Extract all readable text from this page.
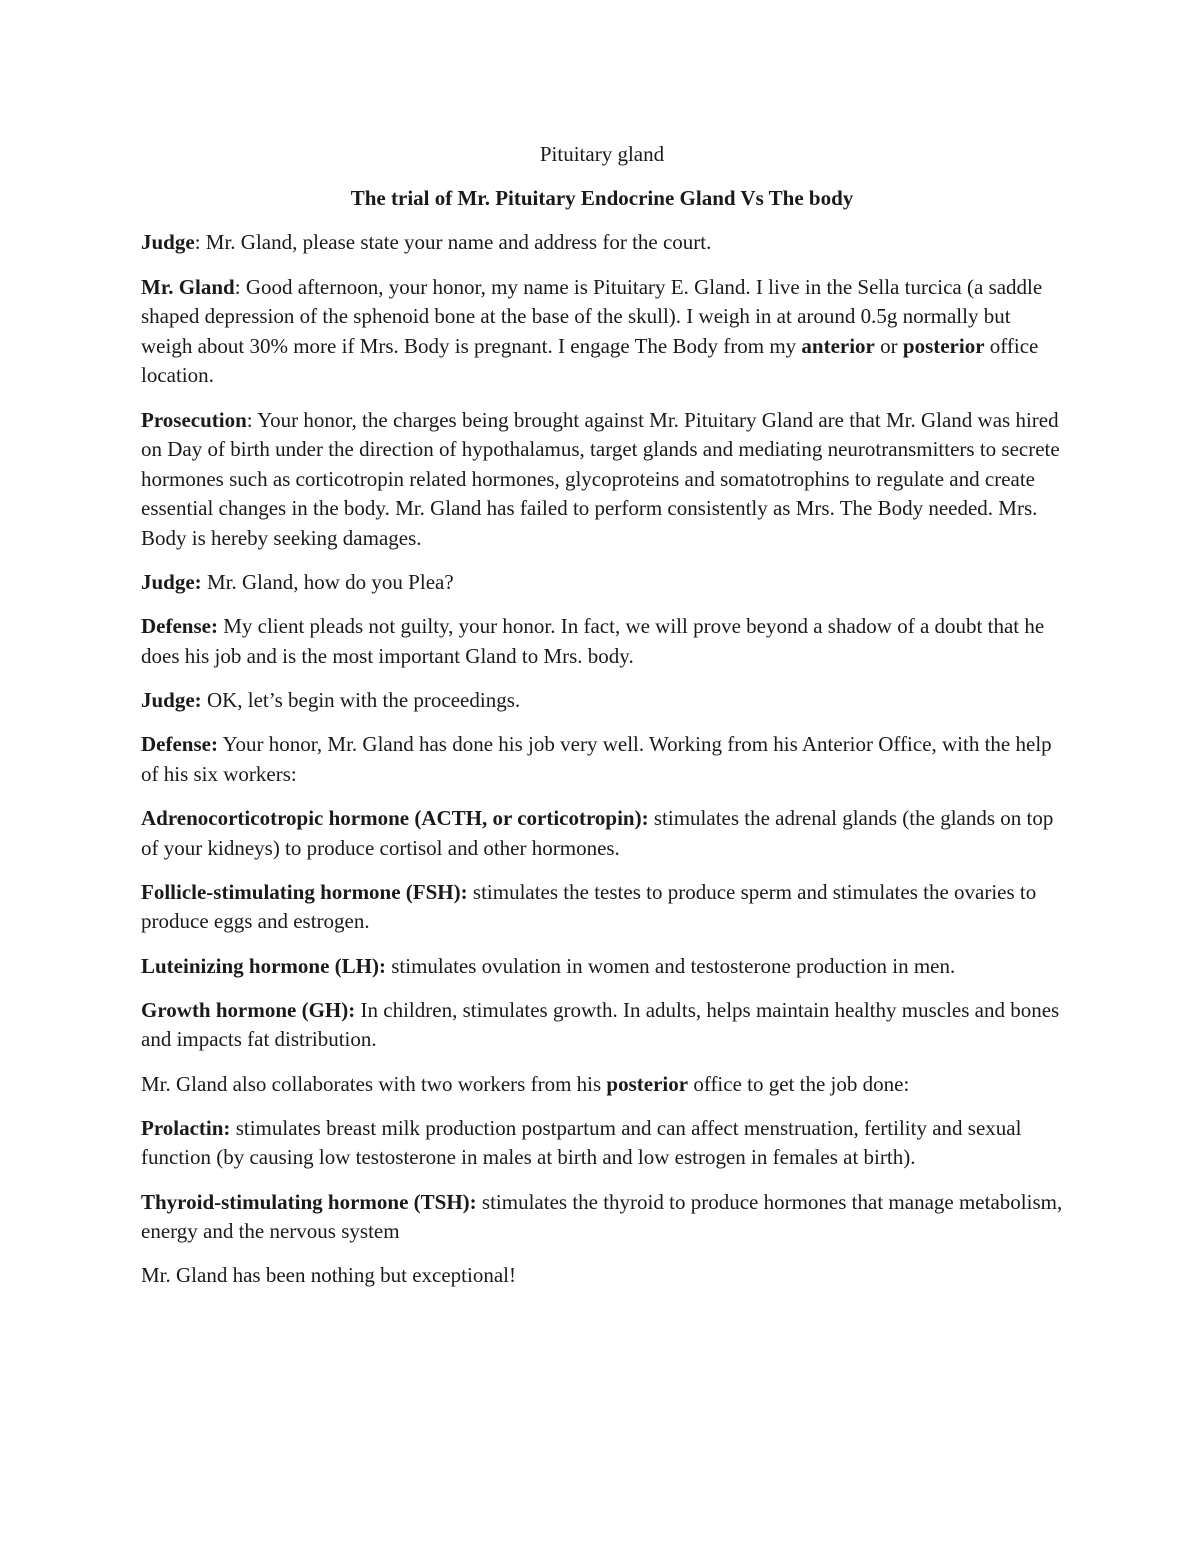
Pituitary gland

The trial of Mr. Pituitary Endocrine Gland Vs The body

Judge: Mr. Gland, please state your name and address for the court.

Mr. Gland: Good afternoon, your honor, my name is Pituitary E. Gland. I live in the Sella turcica (a saddle shaped depression of the sphenoid bone at the base of the skull). I weigh in at around 0.5g normally but weigh about 30% more if Mrs. Body is pregnant. I engage The Body from my anterior or posterior office location.

Prosecution: Your honor, the charges being brought against Mr. Pituitary Gland are that Mr. Gland was hired on Day of birth under the direction of hypothalamus, target glands and mediating neurotransmitters to secrete hormones such as corticotropin related hormones, glycoproteins and somatotrophins to regulate and create essential changes in the body. Mr. Gland has failed to perform consistently as Mrs. The Body needed. Mrs. Body is hereby seeking damages.

Judge: Mr. Gland, how do you Plea?

Defense: My client pleads not guilty, your honor. In fact, we will prove beyond a shadow of a doubt that he does his job and is the most important Gland to Mrs. body.

Judge: OK, let’s begin with the proceedings.

Defense: Your honor, Mr. Gland has done his job very well. Working from his Anterior Office, with the help of his six workers:

Adrenocorticotropic hormone (ACTH, or corticotropin): stimulates the adrenal glands (the glands on top of your kidneys) to produce cortisol and other hormones.

Follicle-stimulating hormone (FSH): stimulates the testes to produce sperm and stimulates the ovaries to produce eggs and estrogen.

Luteinizing hormone (LH): stimulates ovulation in women and testosterone production in men.

Growth hormone (GH): In children, stimulates growth. In adults, helps maintain healthy muscles and bones and impacts fat distribution.

Mr. Gland also collaborates with two workers from his posterior office to get the job done:

Prolactin: stimulates breast milk production postpartum and can affect menstruation, fertility and sexual function (by causing low testosterone in males at birth and low estrogen in females at birth).

Thyroid-stimulating hormone (TSH): stimulates the thyroid to produce hormones that manage metabolism, energy and the nervous system

Mr. Gland has been nothing but exceptional!
